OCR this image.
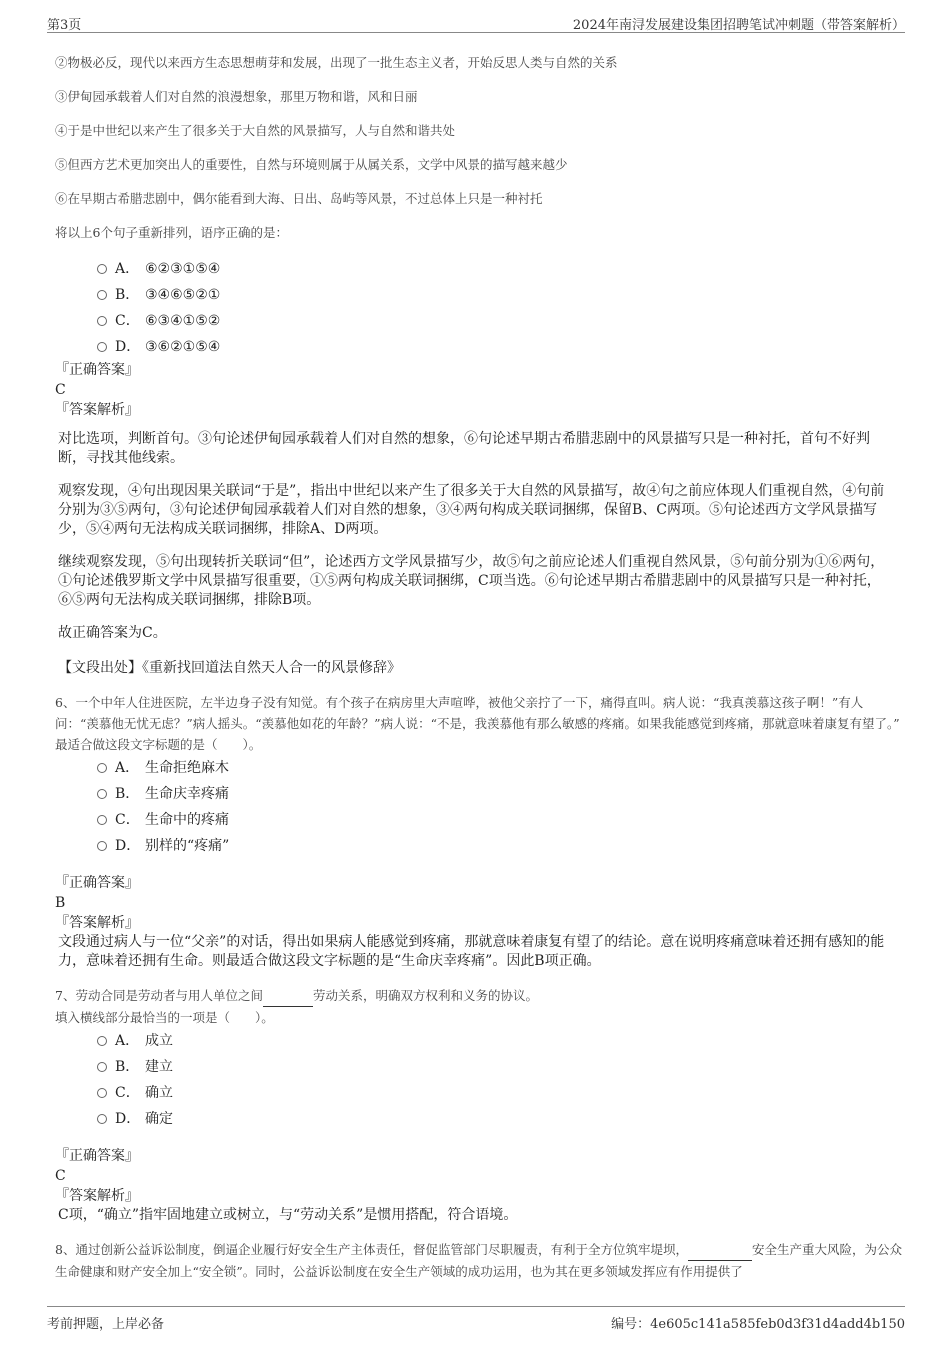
第3页	2024年南浔发展建设集团招聘笔试冲刺题（带答案解析）
②物极必反，现代以来西方生态思想萌芽和发展，出现了一批生态主义者，开始反思人类与自然的关系
③伊甸园承载着人们对自然的浪漫想象，那里万物和谐，风和日丽
④于是中世纪以来产生了很多关于大自然的风景描写，人与自然和谐共处
⑤但西方艺术更加突出人的重要性，自然与环境则属于从属关系，文学中风景的描写越来越少
⑥在早期古希腊悲剧中，偶尔能看到大海、日出、岛屿等风景，不过总体上只是一种衬托
将以上6个句子重新排列，语序正确的是：
A． ⑥②③①⑤④
B． ③④⑥⑤②①
C． ⑥③④①⑤②
D． ③⑥②①⑤④
『正确答案』
C
『答案解析』
对比选项，判断首句。③句论述伊甸园承载着人们对自然的想象，⑥句论述早期古希腊悲剧中的风景描写只是一种衬托，首句不好判断，寻找其他线索。
观察发现，④句出现因果关联词“于是”，指出中世纪以来产生了很多关于大自然的风景描写，故④句之前应体现人们重视自然，④句前分别为③⑤两句，③句论述伊甸园承载着人们对自然的想象，③④两句构成关联词捆绑，保留B、C两项。⑤句论述西方文学风景描写少，⑤④两句无法构成关联词捆绑，排除A、D两项。
继续观察发现，⑤句出现转折关联词“但”，论述西方文学风景描写少，故⑤句之前应论述人们重视自然风景，⑤句前分别为①⑥两句，①句论述俄罗斯文学中风景描写很重要，①⑤两句构成关联词捆绑，C项当选。⑥句论述早期古希腊悲剧中的风景描写只是一种衬托，⑥⑤两句无法构成关联词捆绑，排除B项。
故正确答案为C。
【文段出处】《重新找回道法自然天人合一的风景修辞》
6、一个中年人住进医院，左半边身子没有知觉。有个孩子在病房里大声喧哗，被他父亲拧了一下，痛得直叫。病人说：“我真羡慕这孩子啊！”有人问：“羡慕他无忧无虑？”病人摇头。“羡慕他如花的年龄？”病人说：“不是，我羡慕他有那么敏感的疼痛。如果我能感觉到疼痛，那就意味着康复有望了。”
最适合做这段文字标题的是（　　）。
A． 生命拒绝麻木
B． 生命庆幸疼痛
C． 生命中的疼痛
D． 别样的“疼痛”
『正确答案』
B
『答案解析』
文段通过病人与一位“父亲”的对话，得出如果病人能感觉到疼痛，那就意味着康复有望了的结论。意在说明疼痛意味着还拥有感知的能力，意味着还拥有生命。则最适合做这段文字标题的是“生命庆幸疼痛”。因此B项正确。
7、劳动合同是劳动者与用人单位之间	劳动关系，明确双方权利和义务的协议。
填入横线部分最恰当的一项是（　　）。
A． 成立
B． 建立
C． 确立
D． 确定
『正确答案』
C
『答案解析』
C项，“确立”指牢固地建立或树立，与“劳动关系”是惯用搭配，符合语境。
8、通过创新公益诉讼制度，倒逼企业履行好安全生产主体责任，督促监管部门尽职履责，有利于全方位筑牢堤坝，	安全生产重大风险，为公众生命健康和财产安全加上“安全锁”。同时，公益诉讼制度在安全生产领域的成功运用，也为其在更多领域发挥应有作用提供了
考前押题，上岸必备	编号：4e605c141a585feb0d3f31d4add4b150
